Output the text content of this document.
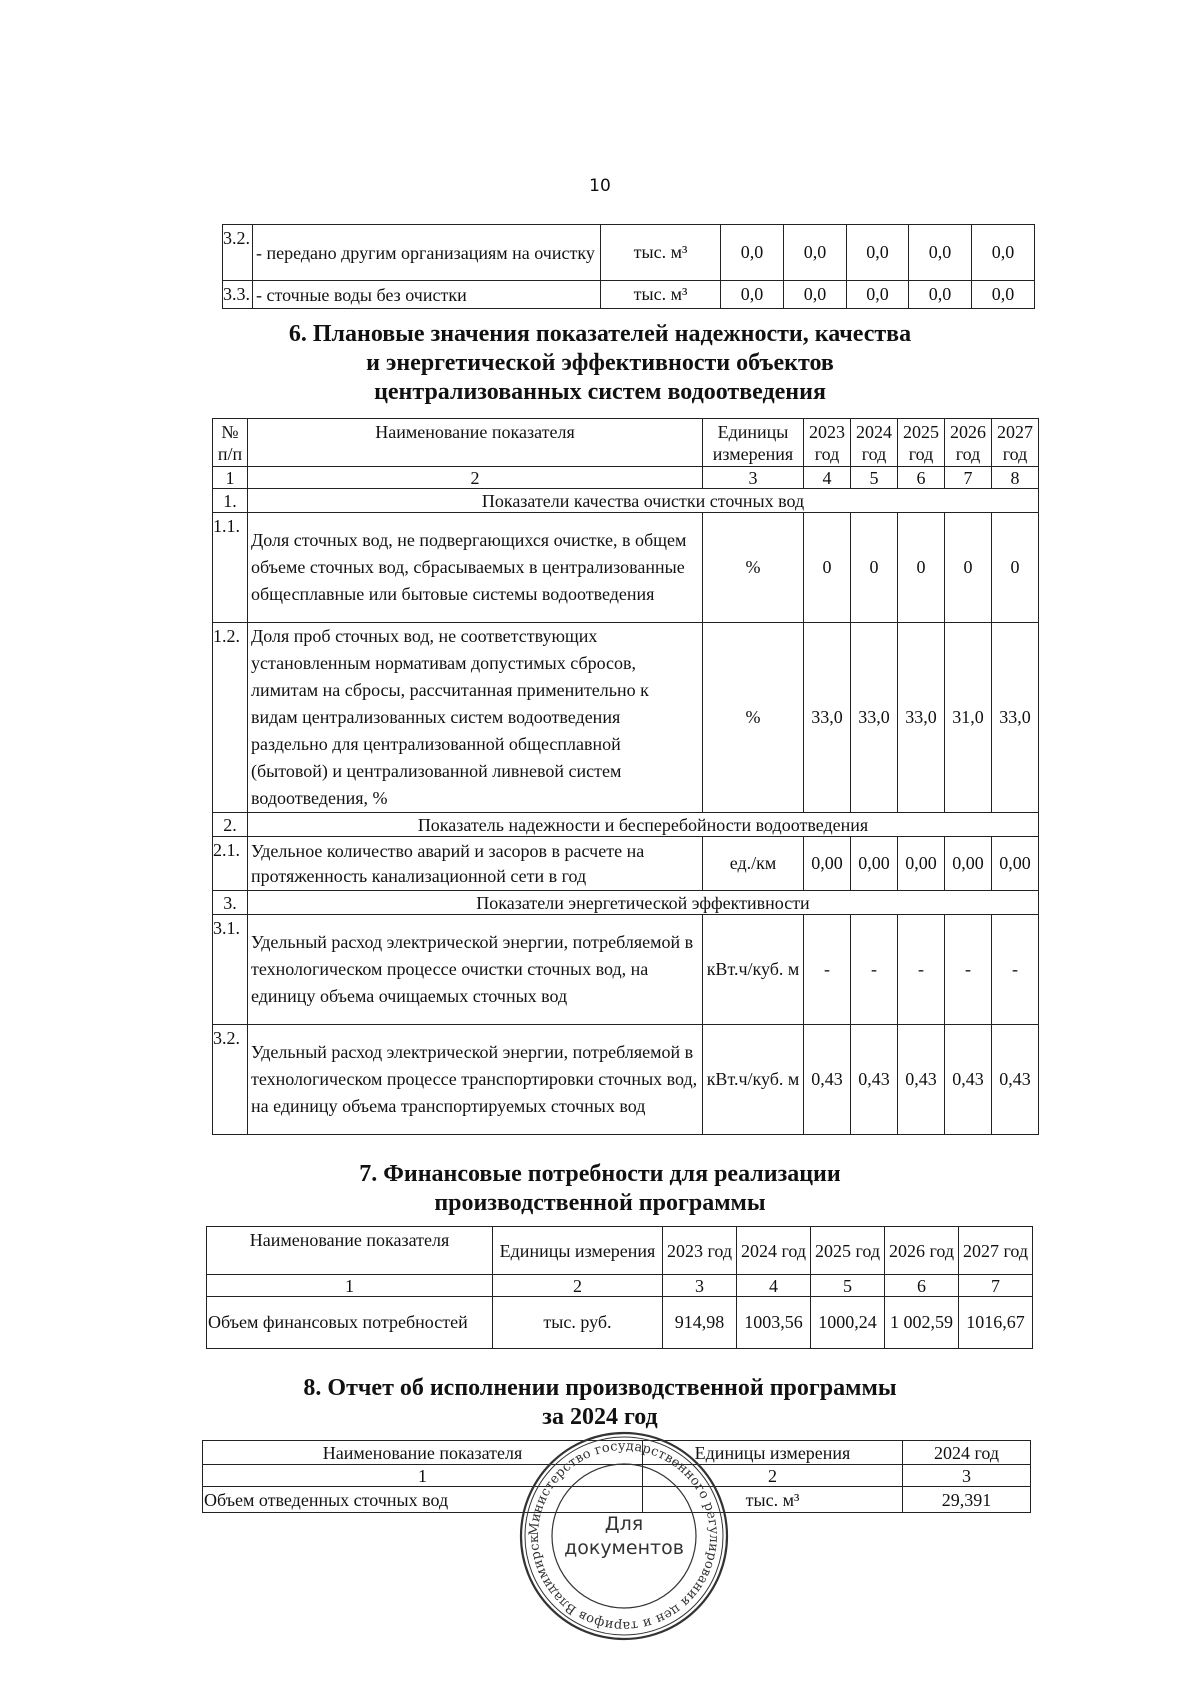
10
3.2.	- передано другим организациям на очистку	тыс. м³	0,0	0,0	0,0	0,0	0,0
3.3.	- сточные воды без очистки	тыс. м³	0,0	0,0	0,0	0,0	0,0
6. Плановые значения показателей надежности, качества
и энергетической эффективности объектов
централизованных систем водоотведения
№ п/п	Наименование показателя	Единицы измерения	2023 год	2024 год	2025 год	2026 год	2027 год
1	2	3	4	5	6	7	8
1.	Показатели качества очистки сточных вод						
1.1.	Доля сточных вод, не подвергающихся очистке, в общем объеме сточных вод, сбрасываемых в централизованные общесплавные или бытовые системы водоотведения	%	0	0	0	0	0
1.2.	Доля проб сточных вод, не соответствующих установленным нормативам допустимых сбросов, лимитам на сбросы, рассчитанная применительно к видам централизованных систем водоотведения раздельно для централизованной общесплавной (бытовой) и централизованной ливневой систем водоотведения, %	%	33,0	33,0	33,0	31,0	33,0
2.	Показатель надежности и бесперебойности водоотведения						
2.1.	Удельное количество аварий и засоров в расчете на протяженность канализационной сети в год	ед./км	0,00	0,00	0,00	0,00	0,00
3.	Показатели энергетической эффективности						
3.1.	Удельный расход электрической энергии, потребляемой в технологическом процессе очистки сточных вод, на единицу объема очищаемых сточных вод	кВт.ч/куб. м	-	-	-	-	-
3.2.	Удельный расход электрической энергии, потребляемой в технологическом процессе транспортировки сточных вод, на единицу объема транспортируемых сточных вод	кВт.ч/куб. м	0,43	0,43	0,43	0,43	0,43
7. Финансовые потребности для реализации
производственной программы
Наименование показателя	Единицы измерения	2023 год	2024 год	2025 год	2026 год	2027 год
1	2	3	4	5	6	7
Объем финансовых потребностей	тыс. руб.	914,98	1003,56	1000,24	1 002,59	1016,67
8. Отчет об исполнении производственной программы
за 2024 год
Наименование показателя	Единицы измерения	2024 год
1	2	3
Объем отведенных сточных вод	тыс. м³	29,391
Министерство государственного регулирования цен и тарифов Владимирск
Для
документов
